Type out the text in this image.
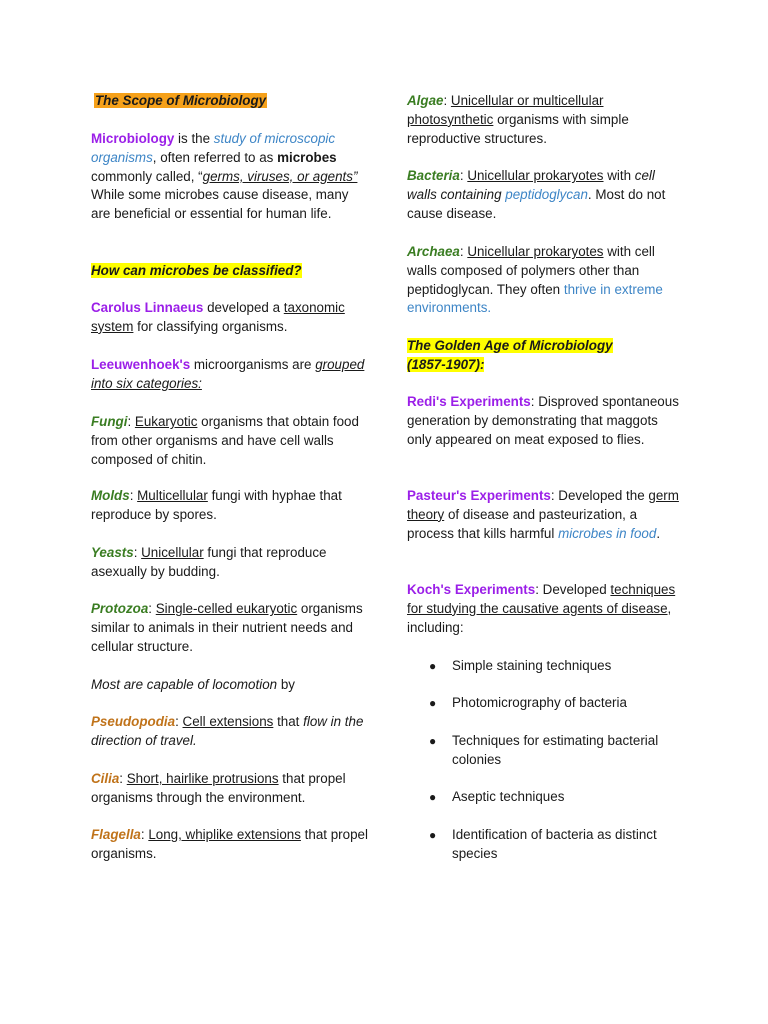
The Scope of Microbiology

Microbiology is the study of microscopic organisms, often referred to as microbes commonly called, “germs, viruses, or agents” While some microbes cause disease, many are beneficial or essential for human life.

How can microbes be classified?

Carolus Linnaeus developed a taxonomic system for classifying organisms.

Leeuwenhoek's microorganisms are grouped into six categories:

Fungi: Eukaryotic organisms that obtain food from other organisms and have cell walls composed of chitin.

Molds: Multicellular fungi with hyphae that reproduce by spores.

Yeasts: Unicellular fungi that reproduce asexually by budding.

Protozoa: Single-celled eukaryotic organisms similar to animals in their nutrient needs and cellular structure.

Most are capable of locomotion by

Pseudopodia: Cell extensions that flow in the direction of travel.

Cilia: Short, hairlike protrusions that propel organisms through the environment.

Flagella: Long, whiplike extensions that propel organisms.

Algae: Unicellular or multicellular photosynthetic organisms with simple reproductive structures.

Bacteria: Unicellular prokaryotes with cell walls containing peptidoglycan. Most do not cause disease.

Archaea: Unicellular prokaryotes with cell walls composed of polymers other than peptidoglycan. They often thrive in extreme environments.

The Golden Age of Microbiology (1857-1907):

Redi's Experiments: Disproved spontaneous generation by demonstrating that maggots only appeared on meat exposed to flies.

Pasteur's Experiments: Developed the germ theory of disease and pasteurization, a process that kills harmful microbes in food.

Koch's Experiments: Developed techniques for studying the causative agents of disease, including:

● Simple staining techniques
● Photomicrography of bacteria
● Techniques for estimating bacterial colonies
● Aseptic techniques
● Identification of bacteria as distinct species
